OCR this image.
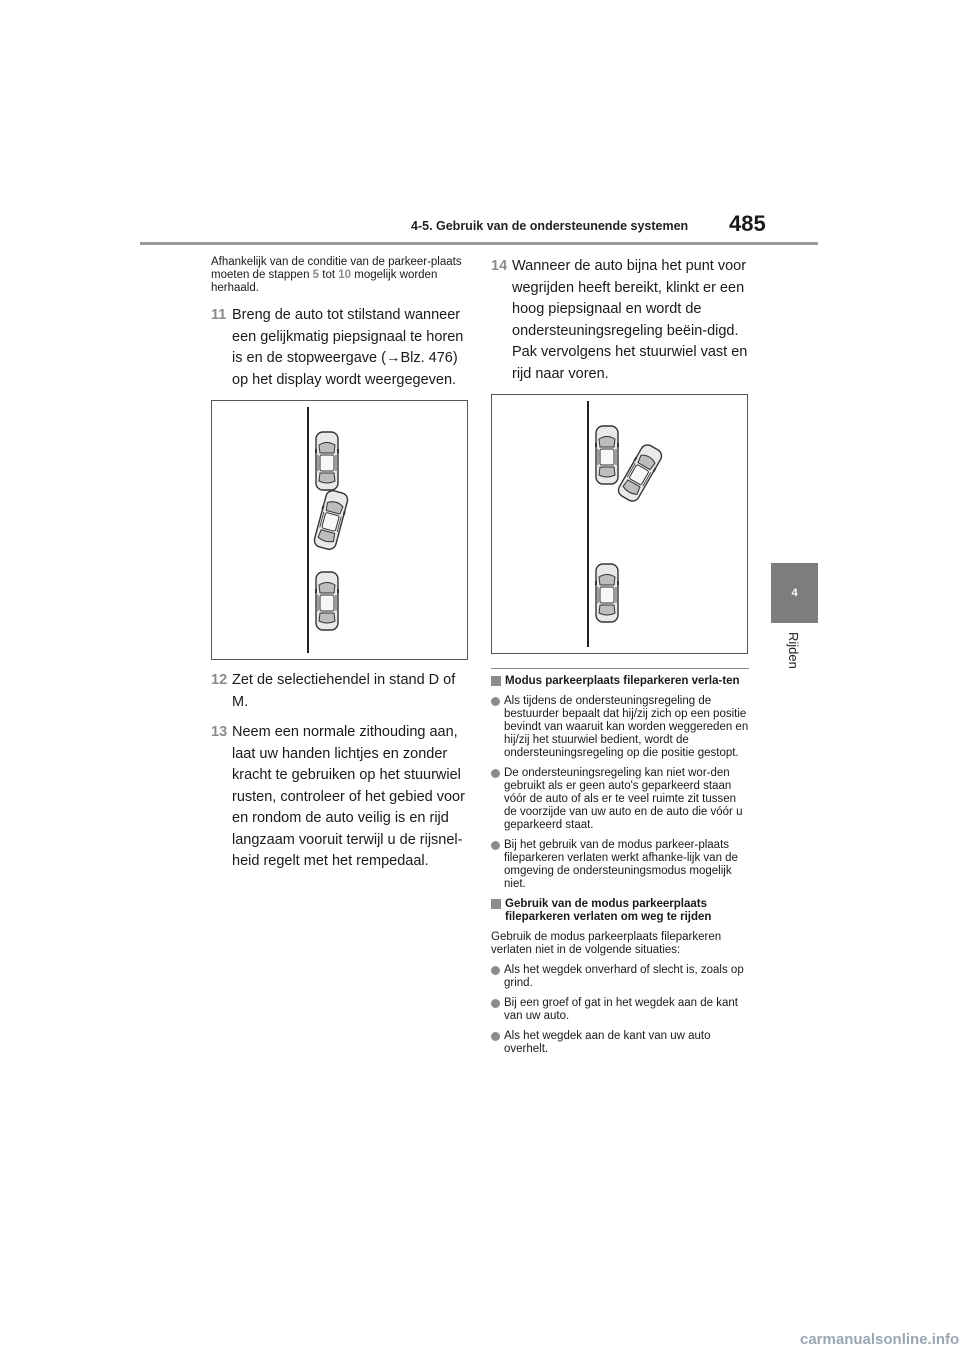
4-5. Gebruik van de ondersteunende systemen	485
4
Rijden

Afhankelijk van de conditie van de parkeer-plaats moeten de stappen 5 tot 10 mogelijk worden herhaald.

11 Breng de auto tot stilstand wanneer een gelijkmatig piepsignaal te horen is en de stopweergave (→Blz. 476) op het display wordt weergegeven.
12 Zet de selectiehendel in stand D of M.
13 Neem een normale zithouding aan, laat uw handen lichtjes en zonder kracht te gebruiken op het stuurwiel rusten, controleer of het gebied voor en rondom de auto veilig is en rijd langzaam vooruit terwijl u de rijsnel-heid regelt met het rempedaal.
14 Wanneer de auto bijna het punt voor wegrijden heeft bereikt, klinkt er een hoog piepsignaal en wordt de ondersteuningsregeling beëin-digd. Pak vervolgens het stuurwiel vast en rijd naar voren.
Modus parkeerplaats fileparkeren verla-ten
Als tijdens de ondersteuningsregeling de bestuurder bepaalt dat hij/zij zich op een positie bevindt van waaruit kan worden weggereden en hij/zij het stuurwiel bedient, wordt de ondersteuningsregeling op die positie gestopt.
De ondersteuningsregeling kan niet wor-den gebruikt als er geen auto's geparkeerd staan vóór de auto of als er te veel ruimte zit tussen de voorzijde van uw auto en de auto die vóór u geparkeerd staat.
Bij het gebruik van de modus parkeer-plaats fileparkeren verlaten werkt afhanke-lijk van de omgeving de ondersteuningsmodus mogelijk niet.
Gebruik van de modus parkeerplaats fileparkeren verlaten om weg te rijden

Gebruik de modus parkeerplaats fileparkeren verlaten niet in de volgende situaties:

Als het wegdek onverhard of slecht is, zoals op grind.
Bij een groef of gat in het wegdek aan de kant van uw auto.
Als het wegdek aan de kant van uw auto overhelt.
carmanualsonline.info
